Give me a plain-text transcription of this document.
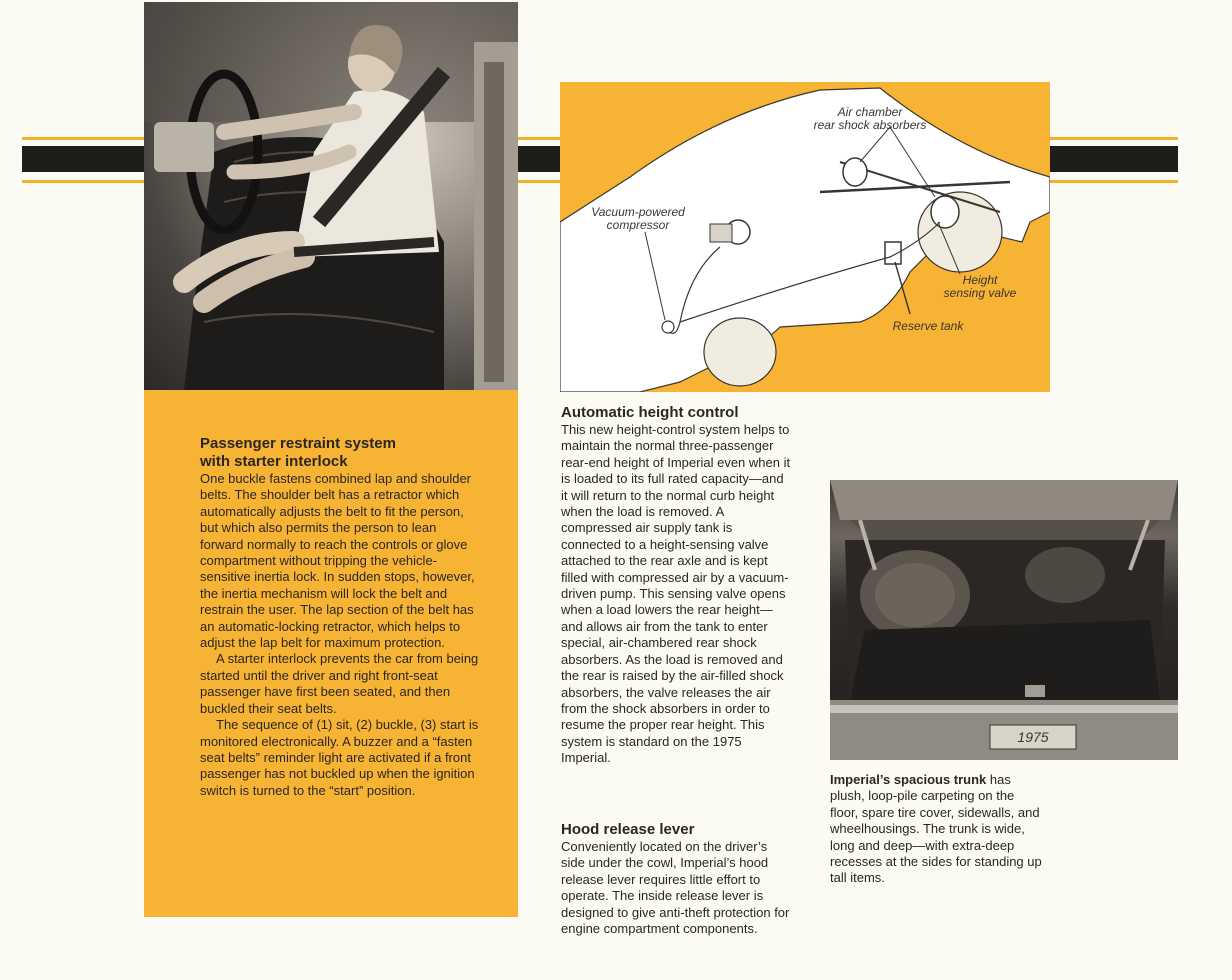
Passenger restraint system

with starter interlock

One buckle fastens combined lap and shoulder belts. The shoulder belt has a retractor which automatically adjusts the belt to fit the person, but which also permits the person to lean forward normally to reach the controls or glove compartment without tripping the vehicle-sensitive inertia lock. In sudden stops, however, the inertia mechanism will lock the belt and restrain the user. The lap section of the belt has an automatic-locking retractor, which helps to adjust the lap belt for maximum protection.

A starter interlock prevents the car from being started until the driver and right front-seat passenger have first been seated, and then buckled their seat belts.

The sequence of (1) sit, (2) buckle, (3) start is monitored electronically. A buzzer and a “fasten seat belts” reminder light are activated if a front passenger has not buckled up when the ignition switch is turned to the “start” position.

Air chamber
rear shock absorbers
Vacuum-powered
compressor
Height
sensing valve
Reserve tank

Automatic height control

This new height-control system helps to maintain the normal three-passenger rear-end height of Imperial even when it is loaded to its full rated capacity—and it will return to the normal curb height when the load is removed. A compressed air supply tank is connected to a height-sensing valve attached to the rear axle and is kept filled with compressed air by a vacuum-driven pump. This sensing valve opens when a load lowers the rear height—and allows air from the tank to enter special, air-chambered rear shock absorbers. As the load is removed and the rear is raised by the air-filled shock absorbers, the valve releases the air from the shock absorbers in order to resume the proper rear height. This system is standard on the 1975 Imperial.

Hood release lever

Conveniently located on the driver’s side under the cowl, Imperial’s hood release lever requires little effort to operate. The inside release lever is designed to give anti-theft protection for engine compartment components.

1975
Imperial’s spacious trunk has plush, loop-pile carpeting on the floor, spare tire cover, sidewalls, and wheelhousings. The trunk is wide, long and deep—with extra-deep recesses at the sides for standing up tall items.
